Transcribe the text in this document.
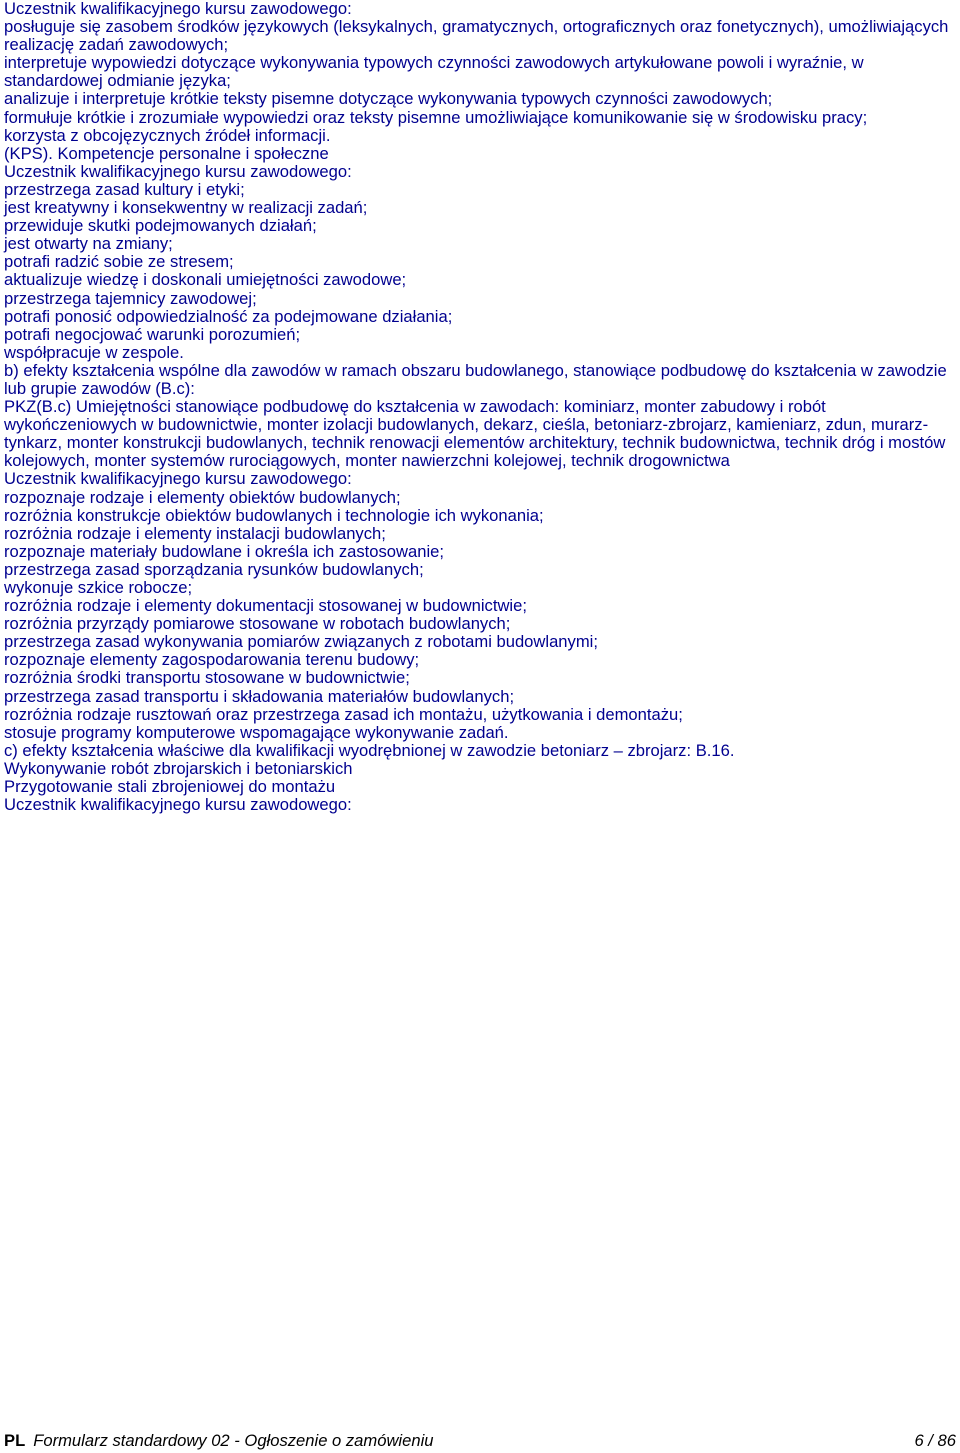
Uczestnik kwalifikacyjnego kursu zawodowego:
posługuje się zasobem środków językowych (leksykalnych, gramatycznych, ortograficznych oraz fonetycznych), umożliwiających realizację zadań zawodowych;
interpretuje wypowiedzi dotyczące wykonywania typowych czynności zawodowych artykułowane powoli i wyraźnie, w standardowej odmianie języka;
analizuje i interpretuje krótkie teksty pisemne dotyczące wykonywania typowych czynności zawodowych;
formułuje krótkie i zrozumiałe wypowiedzi oraz teksty pisemne umożliwiające komunikowanie się w środowisku pracy;
korzysta z obcojęzycznych źródeł informacji.
(KPS). Kompetencje personalne i społeczne
Uczestnik kwalifikacyjnego kursu zawodowego:
przestrzega zasad kultury i etyki;
jest kreatywny i konsekwentny w realizacji zadań;
przewiduje skutki podejmowanych działań;
jest otwarty na zmiany;
potrafi radzić sobie ze stresem;
aktualizuje wiedzę i doskonali umiejętności zawodowe;
przestrzega tajemnicy zawodowej;
potrafi ponosić odpowiedzialność za podejmowane działania;
potrafi negocjować warunki porozumień;
współpracuje w zespole.
b) efekty kształcenia wspólne dla zawodów w ramach obszaru budowlanego, stanowiące podbudowę do kształcenia w zawodzie lub grupie zawodów (B.c):
PKZ(B.c) Umiejętności stanowiące podbudowę do kształcenia w zawodach: kominiarz, monter zabudowy i robót wykończeniowych w budownictwie, monter izolacji budowlanych, dekarz, cieśla, betoniarz-zbrojarz, kamieniarz, zdun, murarz-tynkarz, monter konstrukcji budowlanych, technik renowacji elementów architektury, technik budownictwa, technik dróg i mostów kolejowych, monter systemów rurociągowych, monter nawierzchni kolejowej, technik drogownictwa
Uczestnik kwalifikacyjnego kursu zawodowego:
rozpoznaje rodzaje i elementy obiektów budowlanych;
rozróżnia konstrukcje obiektów budowlanych i technologie ich wykonania;
rozróżnia rodzaje i elementy instalacji budowlanych;
rozpoznaje materiały budowlane i określa ich zastosowanie;
przestrzega zasad sporządzania rysunków budowlanych;
wykonuje szkice robocze;
rozróżnia rodzaje i elementy dokumentacji stosowanej w budownictwie;
rozróżnia przyrządy pomiarowe stosowane w robotach budowlanych;
przestrzega zasad wykonywania pomiarów związanych z robotami budowlanymi;
rozpoznaje elementy zagospodarowania terenu budowy;
rozróżnia środki transportu stosowane w budownictwie;
przestrzega zasad transportu i składowania materiałów budowlanych;
rozróżnia rodzaje rusztowań oraz przestrzega zasad ich montażu, użytkowania i demontażu;
stosuje programy komputerowe wspomagające wykonywanie zadań.
c) efekty kształcenia właściwe dla kwalifikacji wyodrębnionej w zawodzie betoniarz – zbrojarz: B.16.
Wykonywanie robót zbrojarskich i betoniarskich
Przygotowanie stali zbrojeniowej do montażu
Uczestnik kwalifikacyjnego kursu zawodowego:
PL Formularz standardowy 02 - Ogłoszenie o zamówieniu	6 / 86
